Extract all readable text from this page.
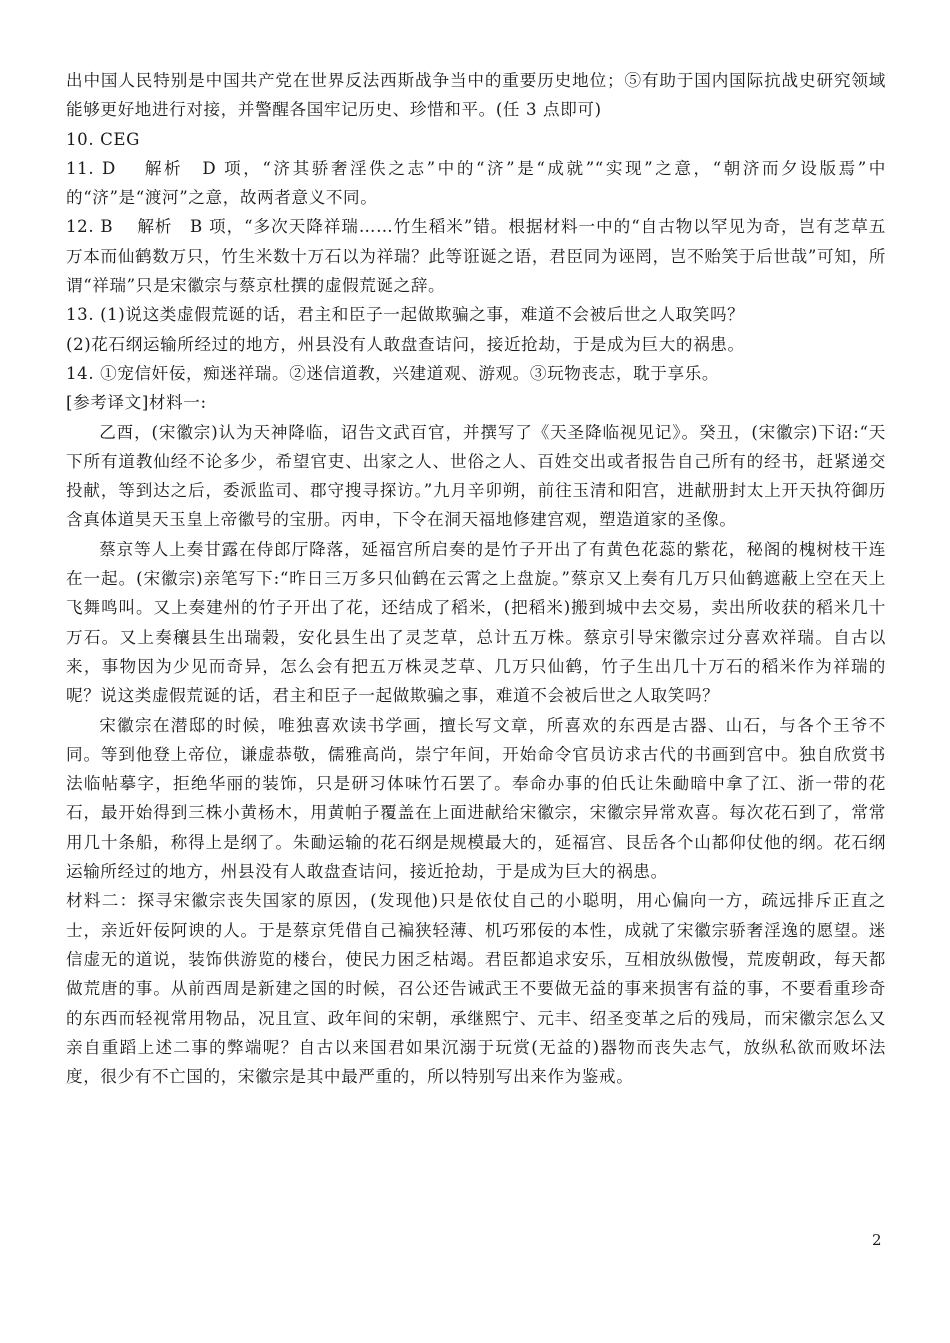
出中国人民特别是中国共产党在世界反法西斯战争当中的重要历史地位；⑤有助于国内国际抗战史研究领域能够更好地进行对接，并警醒各国牢记历史、珍惜和平。(任 3 点即可)

10. CEG

11. D　 解析　D 项，“济其骄奢淫佚之志”中的“济”是“成就”“实现”之意，“朝济而夕设版焉”中的“济”是“渡河”之意，故两者意义不同。

12. B　 解析　B 项，“多次天降祥瑞……竹生稻米”错。根据材料一中的“自古物以罕见为奇，岂有芝草五万本而仙鹤数万只，竹生米数十万石以为祥瑞？此等诳诞之语，君臣同为诬罔，岂不贻笑于后世哉”可知，所谓“祥瑞”只是宋徽宗与蔡京杜撰的虚假荒诞之辞。

13. (1)说这类虚假荒诞的话，君主和臣子一起做欺骗之事，难道不会被后世之人取笑吗？

(2)花石纲运输所经过的地方，州县没有人敢盘查诘问，接近抢劫，于是成为巨大的祸患。

14. ①宠信奸佞，痴迷祥瑞。②迷信道教，兴建道观、游观。③玩物丧志，耽于享乐。

[参考译文]材料一:

乙酉，(宋徽宗)认为天神降临，诏告文武百官，并撰写了《天圣降临视见记》。癸丑，(宋徽宗)下诏:“天下所有道教仙经不论多少，希望官吏、出家之人、世俗之人、百姓交出或者报告自己所有的经书，赶紧递交投献，等到达之后，委派监司、郡守搜寻探访。”九月辛卯朔，前往玉清和阳宫，进献册封太上开天执符御历含真体道昊天玉皇上帝徽号的宝册。丙申，下令在洞天福地修建宫观，塑造道家的圣像。

蔡京等人上奏甘露在侍郎厅降落，延福宫所启奏的是竹子开出了有黄色花蕊的紫花，秘阁的槐树枝干连在一起。(宋徽宗)亲笔写下:“昨日三万多只仙鹤在云霄之上盘旋。”蔡京又上奏有几万只仙鹤遮蔽上空在天上飞舞鸣叫。又上奏建州的竹子开出了花，还结成了稻米，(把稻米)搬到城中去交易，卖出所收获的稻米几十万石。又上奏穰县生出瑞榖，安化县生出了灵芝草，总计五万株。蔡京引导宋徽宗过分喜欢祥瑞。自古以来，事物因为少见而奇异，怎么会有把五万株灵芝草、几万只仙鹤，竹子生出几十万石的稻米作为祥瑞的呢？说这类虚假荒诞的话，君主和臣子一起做欺骗之事，难道不会被后世之人取笑吗？

宋徽宗在潜邸的时候，唯独喜欢读书学画，擅长写文章，所喜欢的东西是古器、山石，与各个王爷不同。等到他登上帝位，谦虚恭敬，儒雅高尚，崇宁年间，开始命令官员访求古代的书画到宫中。独自欣赏书法临帖摹字，拒绝华丽的装饰，只是研习体味竹石罢了。奉命办事的伯氏让朱勔暗中拿了江、浙一带的花石，最开始得到三株小黄杨木，用黄帕子覆盖在上面进献给宋徽宗，宋徽宗异常欢喜。每次花石到了，常常用几十条船，称得上是纲了。朱勔运输的花石纲是规模最大的，延福宫、艮岳各个山都仰仗他的纲。花石纲运输所经过的地方，州县没有人敢盘查诘问，接近抢劫，于是成为巨大的祸患。

材料二：探寻宋徽宗丧失国家的原因，(发现他)只是依仗自己的小聪明，用心偏向一方，疏远排斥正直之士，亲近奸佞阿谀的人。于是蔡京凭借自己褊狭轻薄、机巧邪佞的本性，成就了宋徽宗骄奢淫逸的愿望。迷信虚无的道说，装饰供游览的楼台，使民力困乏枯竭。君臣都追求安乐，互相放纵傲慢，荒废朝政，每天都做荒唐的事。从前西周是新建之国的时候，召公还告诫武王不要做无益的事来损害有益的事，不要看重珍奇的东西而轻视常用物品，况且宣、政年间的宋朝，承继熙宁、元丰、绍圣变革之后的残局，而宋徽宗怎么又亲自重蹈上述二事的弊端呢？自古以来国君如果沉溺于玩赏(无益的)器物而丧失志气，放纵私欲而败坏法度，很少有不亡国的，宋徽宗是其中最严重的，所以特别写出来作为鉴戒。

2
